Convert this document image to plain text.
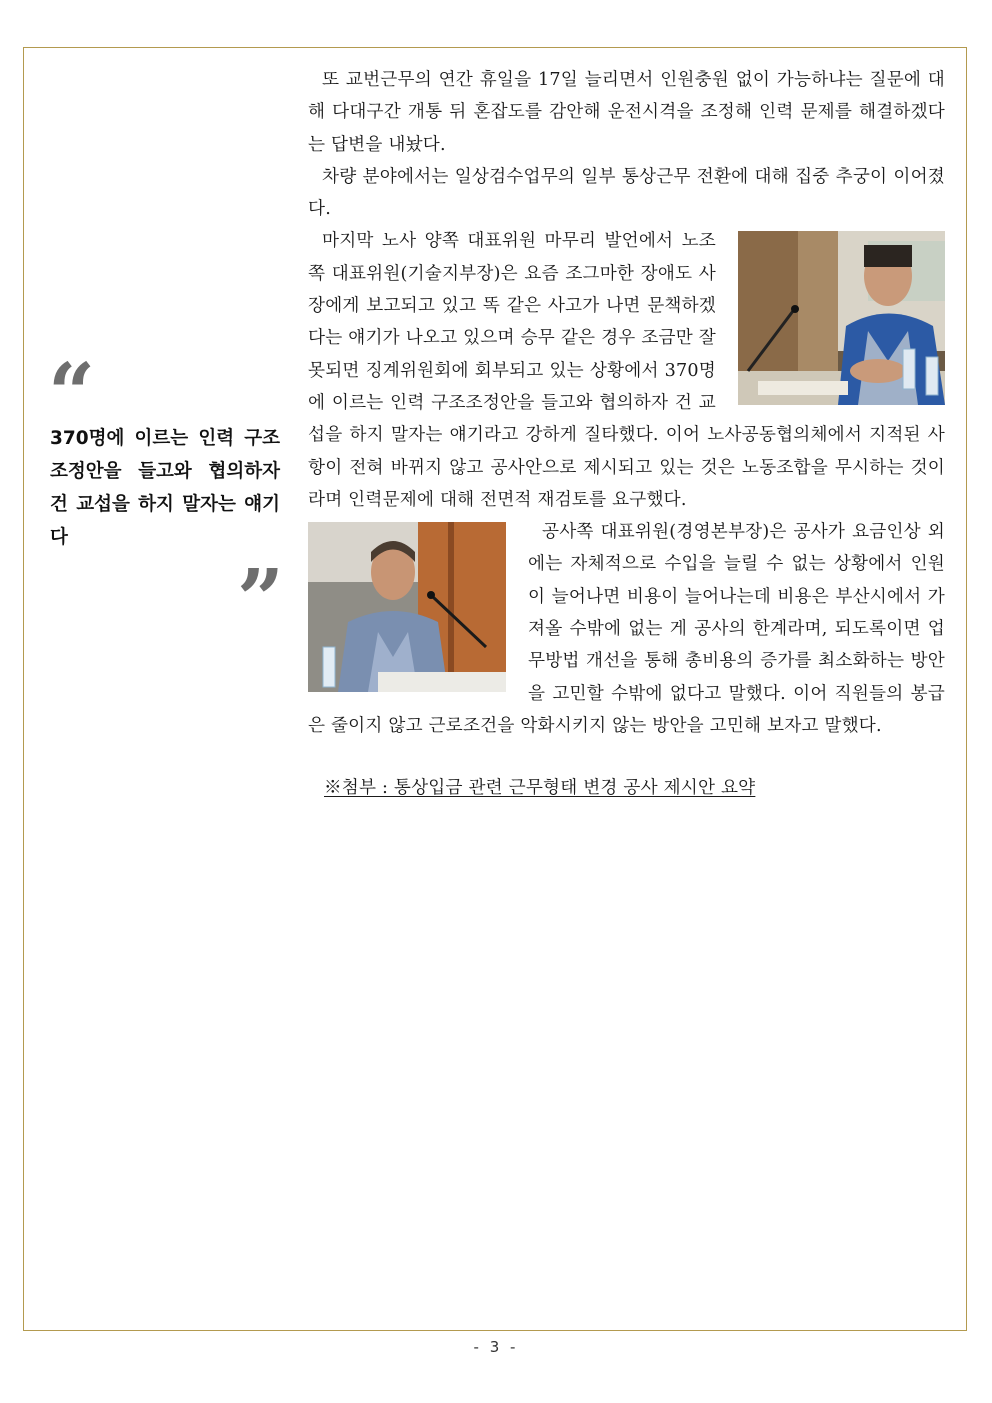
“
370명에 이르는 인력 구조조정안을 들고와 협의하자 건 교섭을 하지 말자는 얘기다
”

또 교번근무의 연간 휴일을 17일 늘리면서 인원충원 없이 가능하냐는 질문에 대해 다대구간 개통 뒤 혼잡도를 감안해 운전시격을 조정해 인력 문제를 해결하겠다는 답변을 내놨다.

차량 분야에서는 일상검수업무의 일부 통상근무 전환에 대해 집중 추궁이 이어졌다.

마지막 노사 양쪽 대표위원 마무리 발언에서 노조쪽 대표위원(기술지부장)은 요즘 조그마한 장애도 사장에게 보고되고 있고 똑 같은 사고가 나면 문책하겠다는 얘기가 나오고 있으며 승무 같은 경우 조금만 잘못되면 징계위원회에 회부되고 있는 상황에서 370명에 이르는 인력 구조조정안을 들고와 협의하자 건 교섭을 하지 말자는 얘기라고 강하게 질타했다. 이어 노사공동협의체에서 지적된 사항이 전혀 바뀌지 않고 공사안으로 제시되고 있는 것은 노동조합을 무시하는 것이라며 인력문제에 대해 전면적 재검토를 요구했다.

공사쪽 대표위원(경영본부장)은 공사가 요금인상 외에는 자체적으로 수입을 늘릴 수 없는 상황에서 인원이 늘어나면 비용이 늘어나는데 비용은 부산시에서 가져올 수밖에 없는 게 공사의 한계라며, 되도록이면 업무방법 개선을 통해 총비용의 증가를 최소화하는 방안을 고민할 수밖에 없다고 말했다. 이어 직원들의 봉급은 줄이지 않고 근로조건을 악화시키지 않는 방안을 고민해 보자고 말했다.

※첨부 : 통상입금 관련 근무형태 변경 공사 제시안 요약
- 3 -
